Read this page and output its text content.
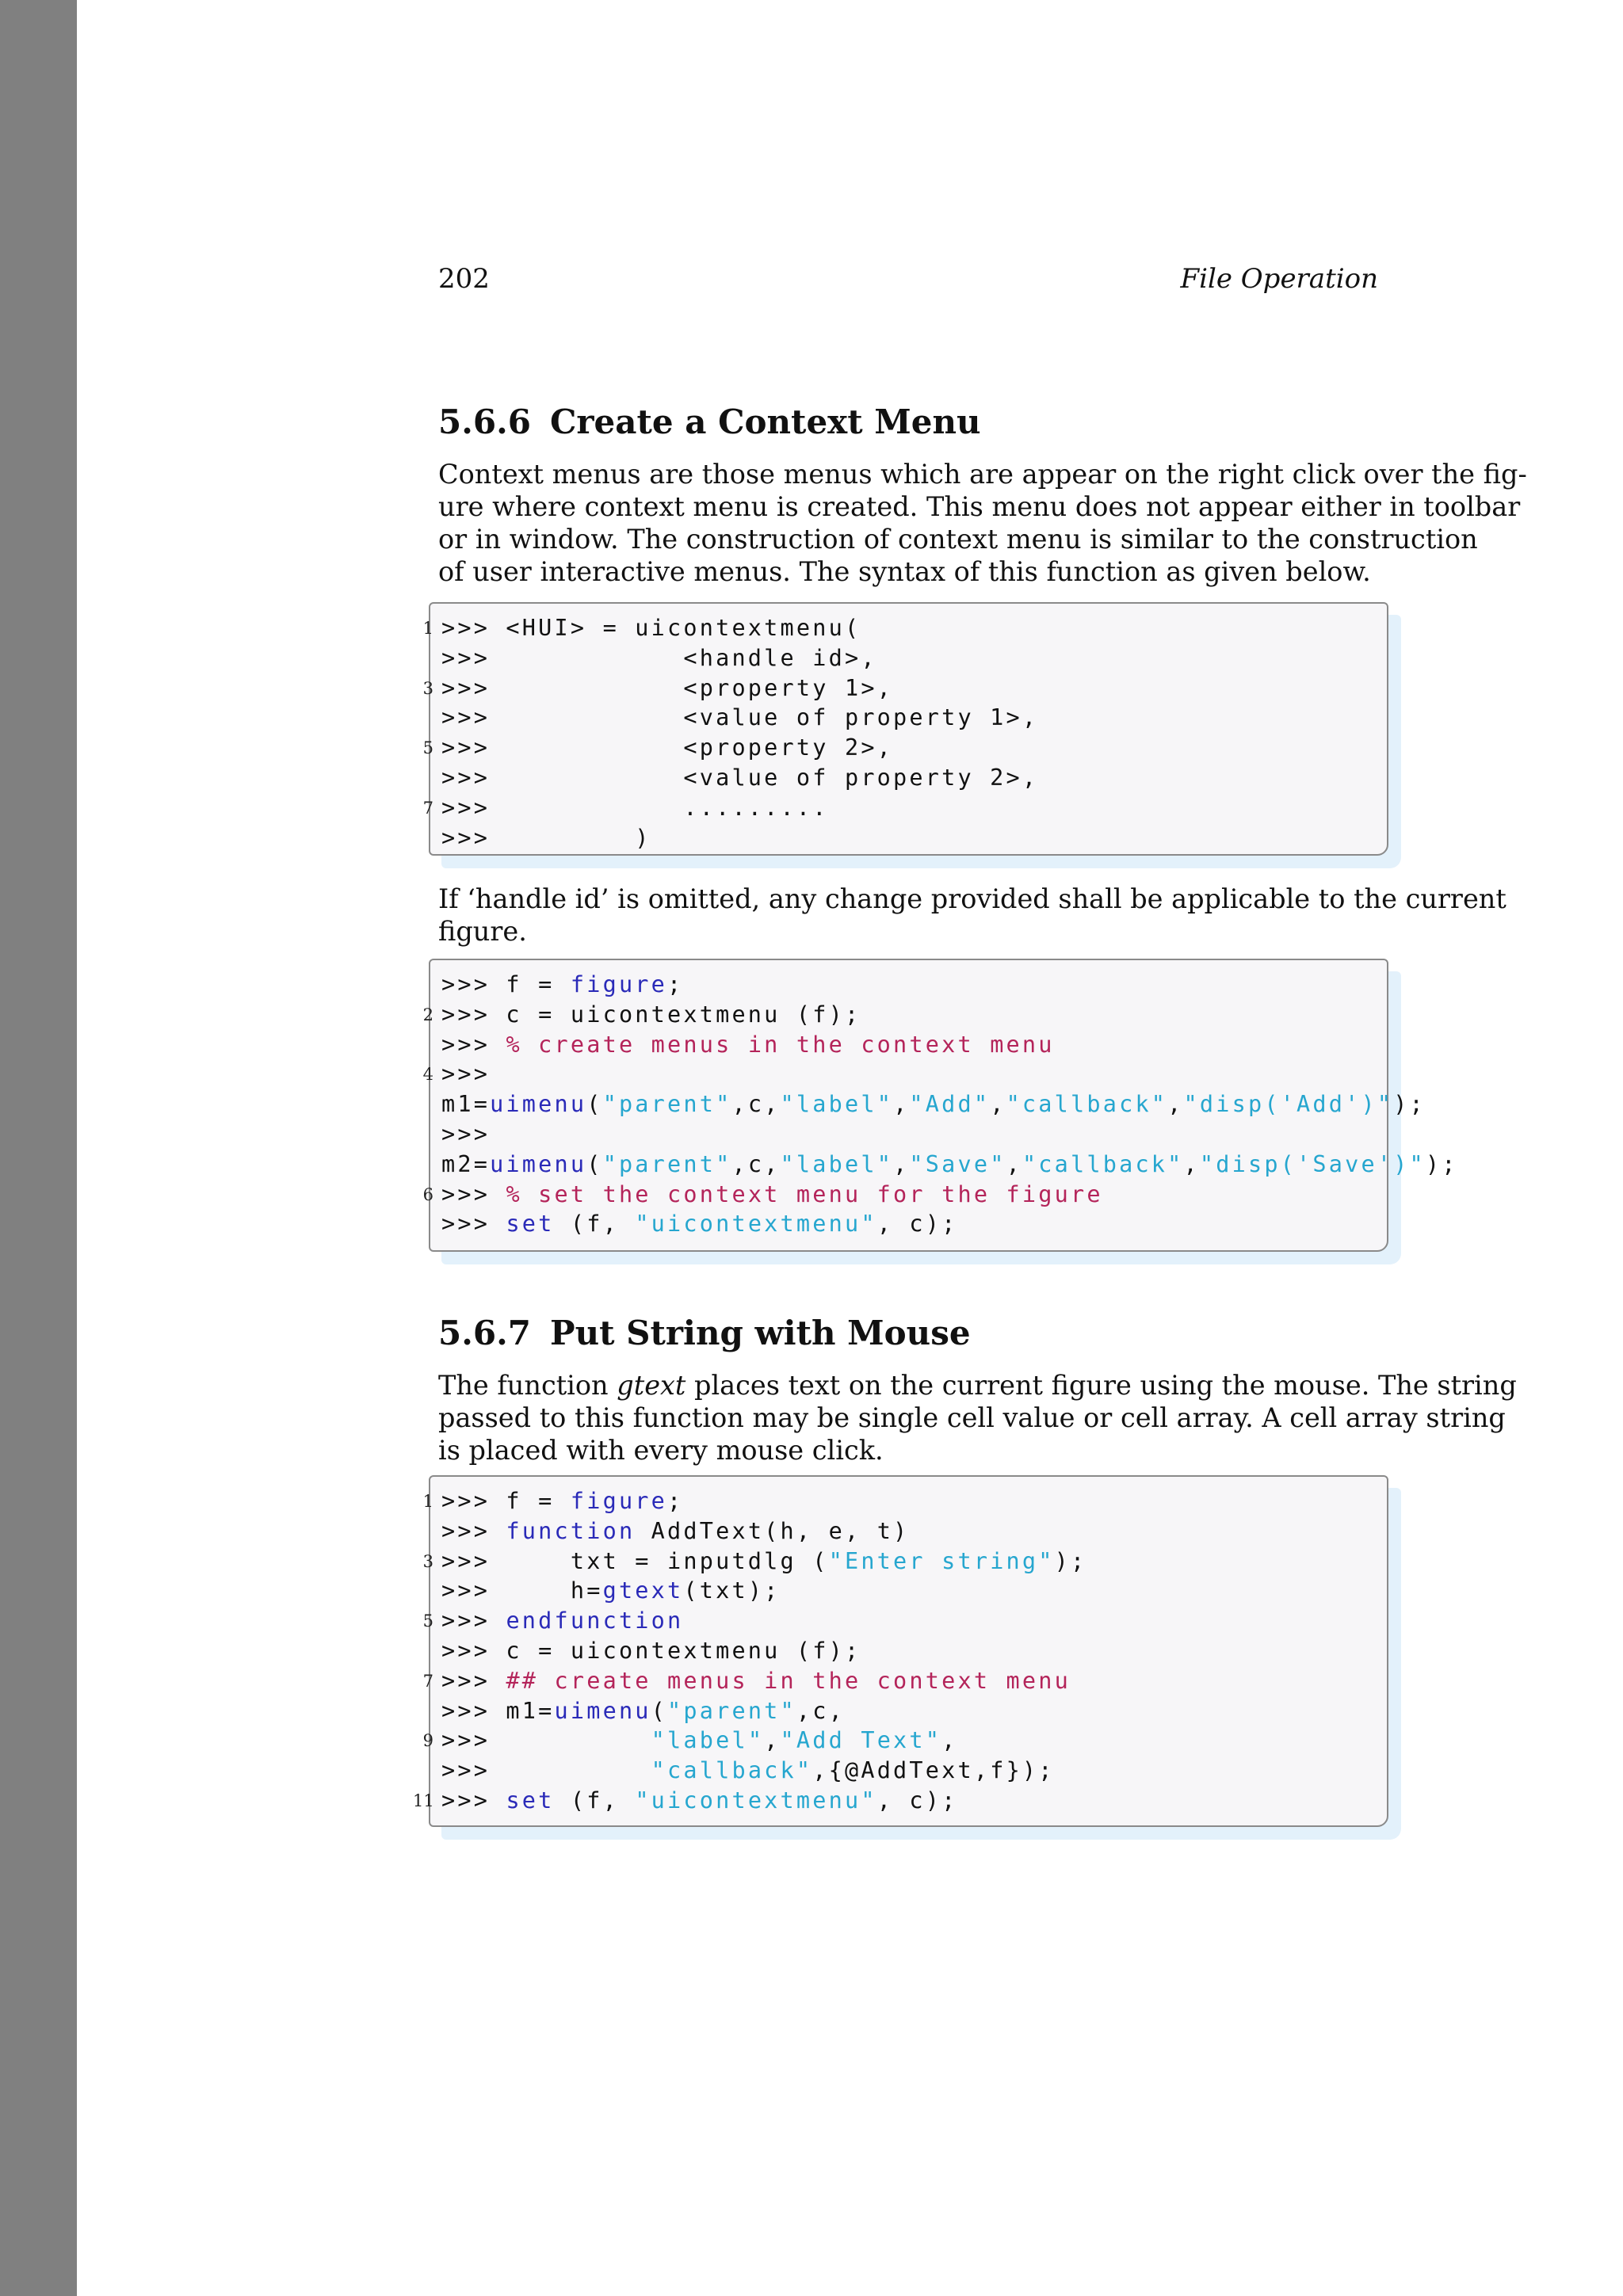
202	File Operation
5.6.6 Create a Context Menu
Context menus are those menus which are appear on the right click over the fig-
ure where context menu is created. This menu does not appear either in toolbar
or in window. The construction of context menu is similar to the construction
of user interactive menus. The syntax of this function as given below.
>>> <HUI> = uicontextmenu(
1
>>>            <handle id>,
>>>            <property 1>,
3
>>>            <value of property 1>,
>>>            <property 2>,
5
>>>            <value of property 2>,
>>>            .........
7
>>>         )
If ‘handle id’ is omitted, any change provided shall be applicable to the current
figure.
>>> f = figure;
>>> c = uicontextmenu (f);
2
>>> % create menus in the context menu
>>>
4
m1=uimenu("parent",c,"label","Add","callback","disp('Add')");
>>>
m2=uimenu("parent",c,"label","Save","callback","disp('Save')");
>>> % set the context menu for the figure
6
>>> set (f, "uicontextmenu", c);
5.6.7 Put String with Mouse
The function gtext places text on the current figure using the mouse. The string
passed to this function may be single cell value or cell array. A cell array string
is placed with every mouse click.
>>> f = figure;
1
>>> function AddText(h, e, t)
>>>     txt = inputdlg ("Enter string");
3
>>>     h=gtext(txt);
>>> endfunction
5
>>> c = uicontextmenu (f);
>>> ## create menus in the context menu
7
>>> m1=uimenu("parent",c,
>>>          "label","Add Text",
9
>>>          "callback",{@AddText,f});
>>> set (f, "uicontextmenu", c);
11
